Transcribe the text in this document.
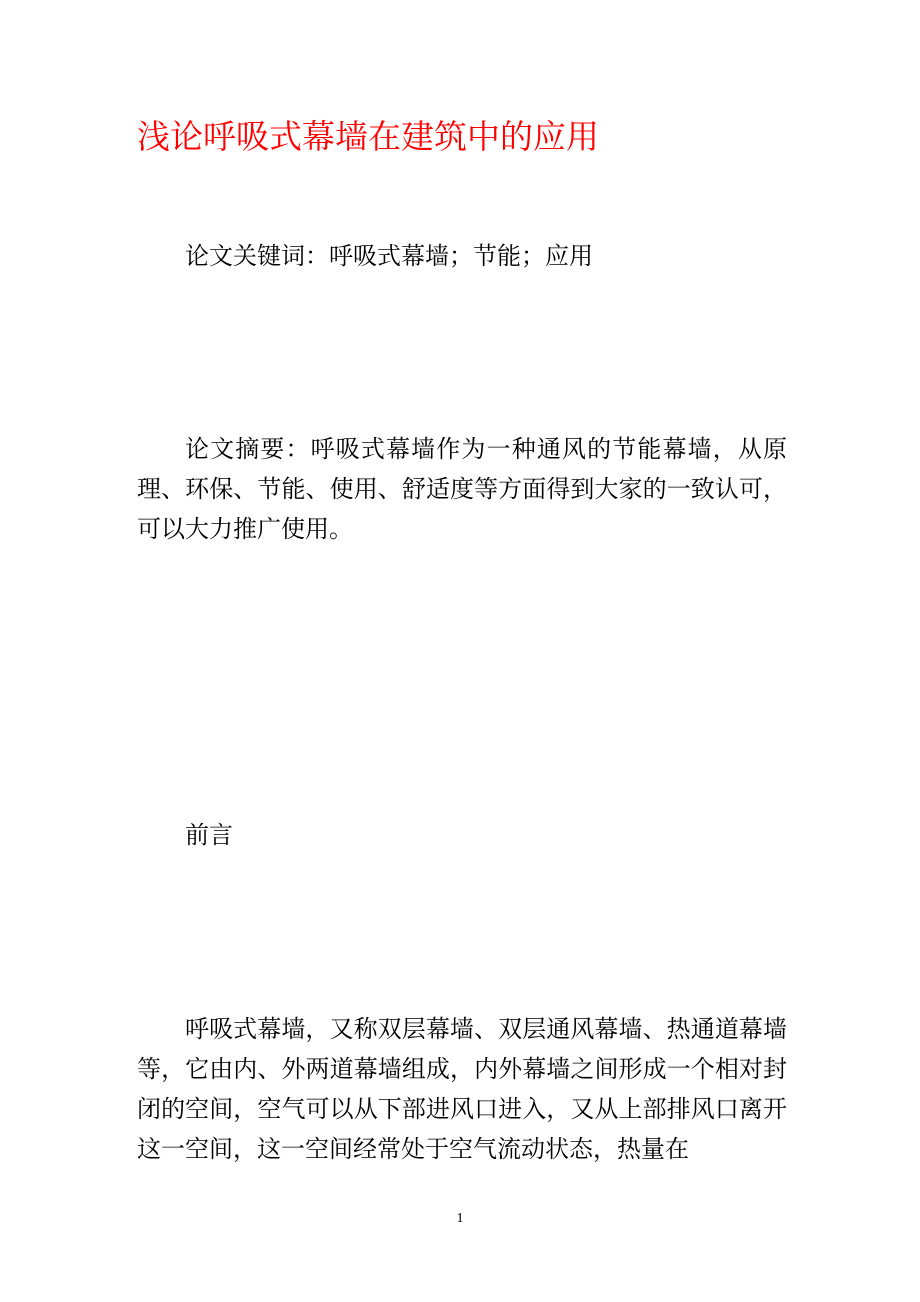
浅论呼吸式幕墙在建筑中的应用

论文关键词：呼吸式幕墙；节能；应用

论文摘要：呼吸式幕墙作为一种通风的节能幕墙，从原理、环保、节能、使用、舒适度等方面得到大家的一致认可，可以大力推广使用。

前言

呼吸式幕墙，又称双层幕墙、双层通风幕墙、热通道幕墙等，它由内、外两道幕墙组成，内外幕墙之间形成一个相对封闭的空间，空气可以从下部进风口进入，又从上部排风口离开这一空间，这一空间经常处于空气流动状态，热量在

1
